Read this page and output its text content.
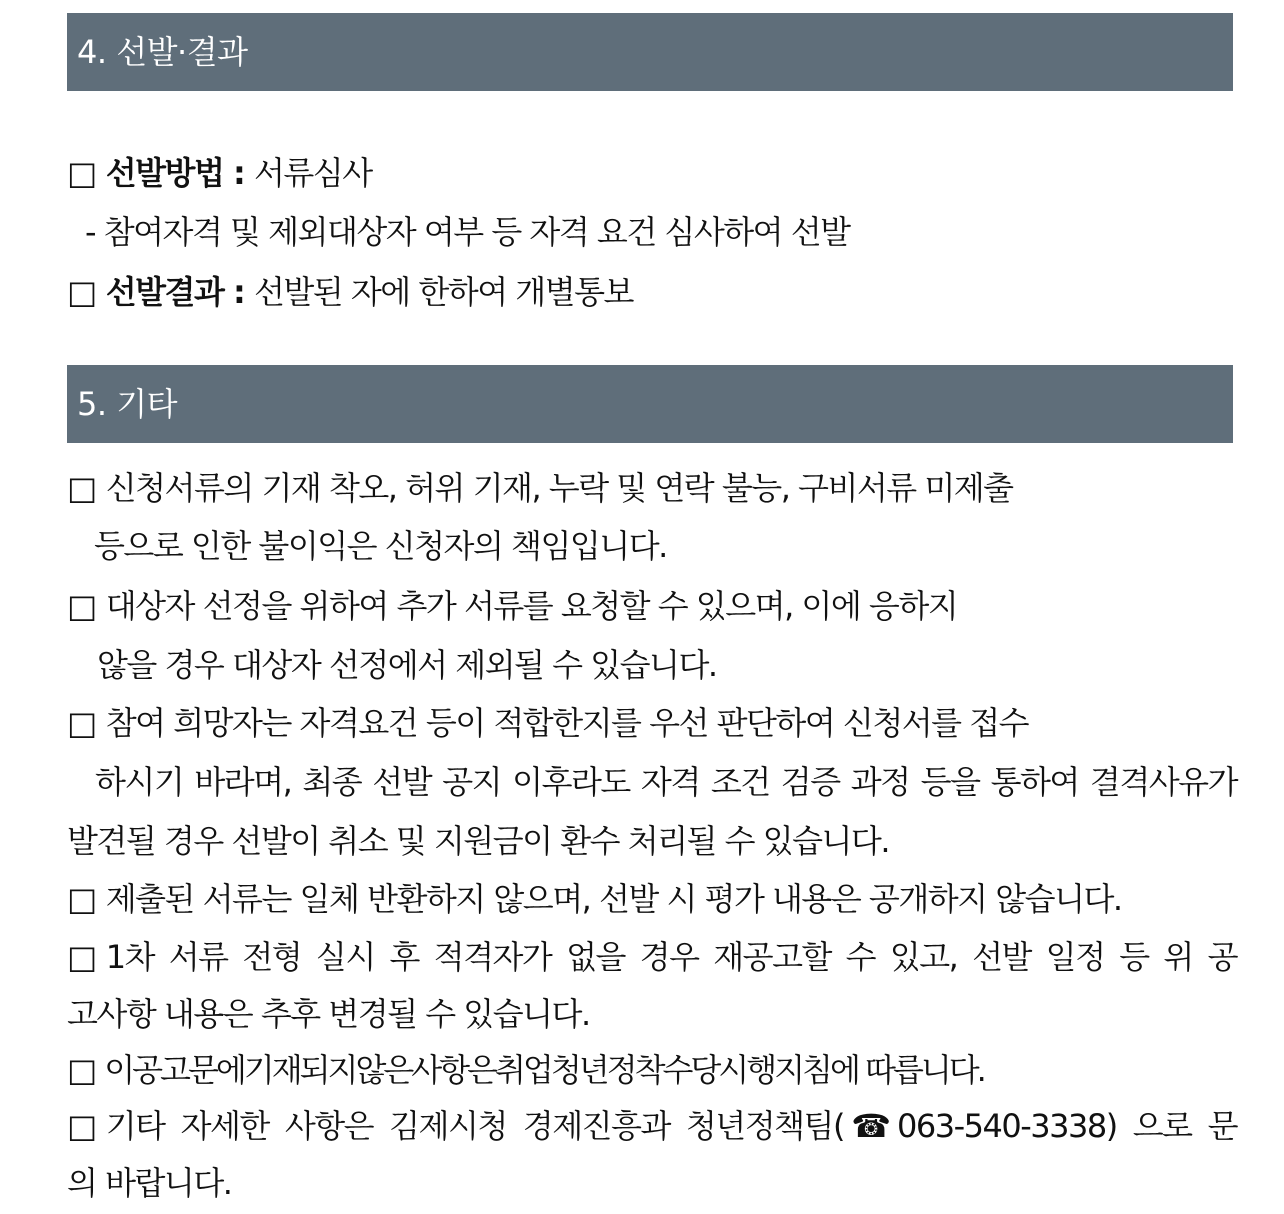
4. 선발·결과
□ 선발방법 : 서류심사
- 참여자격 및 제외대상자 여부 등 자격 요건 심사하여 선발
□ 선발결과 : 선발된 자에 한하여 개별통보
5. 기타
□ 신청서류의 기재 착오, 허위 기재, 누락 및 연락 불능, 구비서류 미제출
등으로 인한 불이익은 신청자의 책임입니다.
□ 대상자 선정을 위하여 추가 서류를 요청할 수 있으며, 이에 응하지
않을 경우 대상자 선정에서 제외될 수 있습니다.
□ 참여 희망자는 자격요건 등이 적합한지를 우선 판단하여 신청서를 접수
하시기 바라며, 최종 선발 공지 이후라도 자격 조건 검증 과정 등을 통하여 결격사유가
발견될 경우 선발이 취소 및 지원금이 환수 처리될 수 있습니다.
□ 제출된 서류는 일체 반환하지 않으며, 선발 시 평가 내용은 공개하지 않습니다.
□ 1차 서류 전형 실시 후 적격자가 없을 경우 재공고할 수 있고, 선발 일정 등 위 공
고사항 내용은 추후 변경될 수 있습니다.
□ 이공고문에기재되지않은사항은취업청년정착수당시행지침에 따릅니다.
□ 기타 자세한 사항은 김제시청 경제진흥과 청년정책팀(☎063-540-3338) 으로 문
의 바랍니다.
